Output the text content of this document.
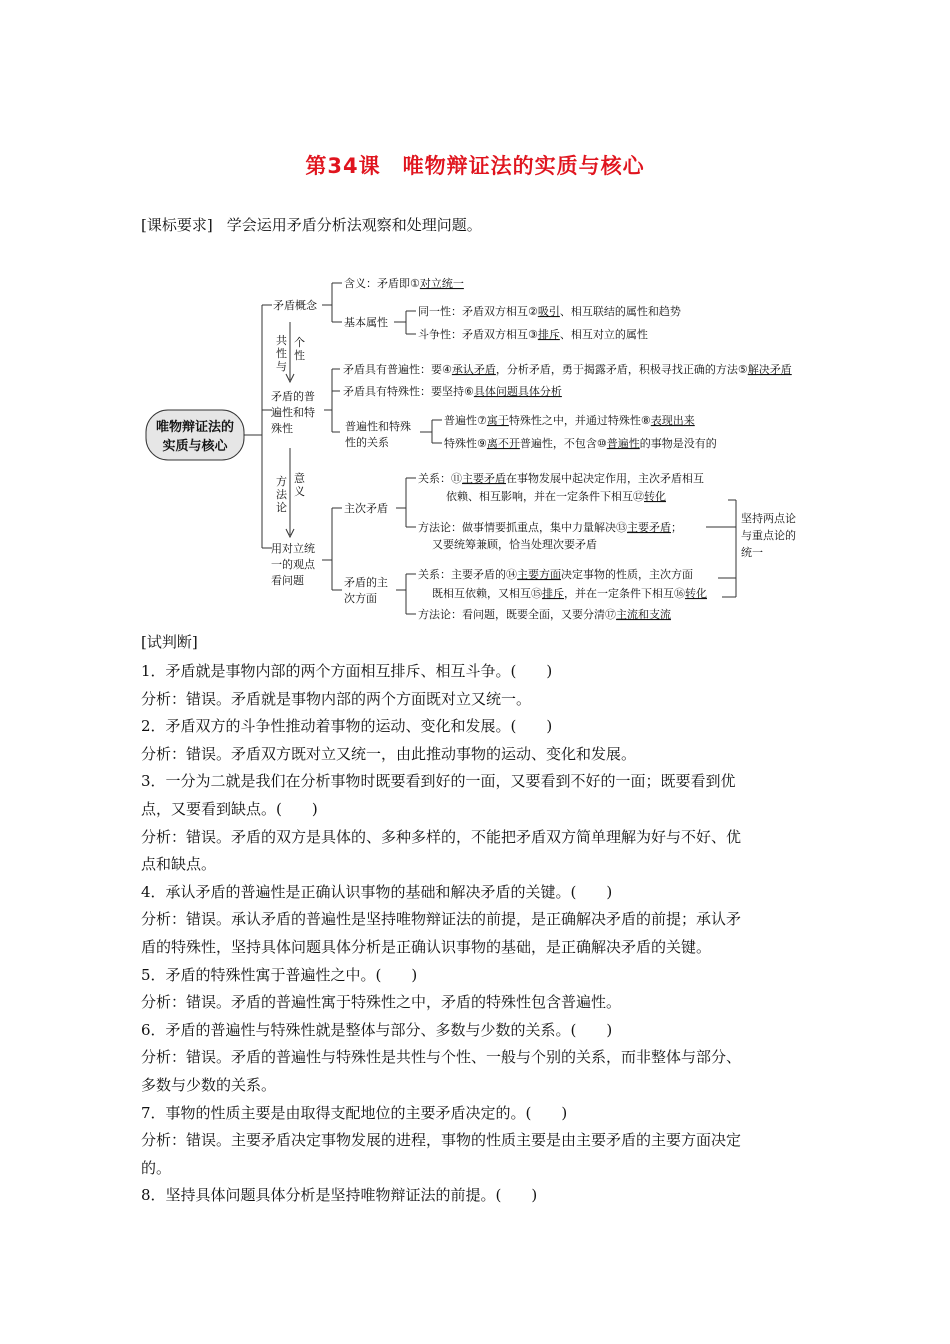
第34课　唯物辩证法的实质与核心
[课标要求] 学会运用矛盾分析法观察和处理问题。
唯物辩证法的
实质与核心
矛盾概念
含义：矛盾即①对立统一
基本属性
同一性：矛盾双方相互②吸引、相互联结的属性和趋势
斗争性：矛盾双方相互③排斥、相互对立的属性
共
性
与
个
性
矛盾的普
遍性和特
殊性
矛盾具有普遍性：要④承认矛盾，分析矛盾，勇于揭露矛盾，积极寻找正确的方法⑤解决矛盾
矛盾具有特殊性：要坚持⑥具体问题具体分析
普遍性和特殊
性的关系
普遍性⑦寓于特殊性之中，并通过特殊性⑧表现出来
特殊性⑨离不开普遍性，不包含⑩普遍性的事物是没有的
方
法
论
意
义
用对立统
一的观点
看问题
主次矛盾
关系：⑪主要矛盾在事物发展中起决定作用，主次矛盾相互
依赖、相互影响，并在一定条件下相互⑫转化
方法论：做事情要抓重点，集中力量解决⑬主要矛盾；
又要统筹兼顾，恰当处理次要矛盾
矛盾的主
次方面
关系：主要矛盾的⑭主要方面决定事物的性质，主次方面
既相互依赖，又相互⑮排斥，并在一定条件下相互⑯转化
方法论：看问题，既要全面，又要分清⑰主流和支流
坚持两点论
与重点论的
统一
[试判断]
1．矛盾就是事物内部的两个方面相互排斥、相互斗争。(　　)
分析：错误。矛盾就是事物内部的两个方面既对立又统一。
2．矛盾双方的斗争性推动着事物的运动、变化和发展。(　　)
分析：错误。矛盾双方既对立又统一，由此推动事物的运动、变化和发展。
3．一分为二就是我们在分析事物时既要看到好的一面，又要看到不好的一面；既要看到优
点，又要看到缺点。(　　)
分析：错误。矛盾的双方是具体的、多种多样的，不能把矛盾双方简单理解为好与不好、优
点和缺点。
4．承认矛盾的普遍性是正确认识事物的基础和解决矛盾的关键。(　　)
分析：错误。承认矛盾的普遍性是坚持唯物辩证法的前提，是正确解决矛盾的前提；承认矛
盾的特殊性，坚持具体问题具体分析是正确认识事物的基础，是正确解决矛盾的关键。
5．矛盾的特殊性寓于普遍性之中。(　　)
分析：错误。矛盾的普遍性寓于特殊性之中，矛盾的特殊性包含普遍性。
6．矛盾的普遍性与特殊性就是整体与部分、多数与少数的关系。(　　)
分析：错误。矛盾的普遍性与特殊性是共性与个性、一般与个别的关系，而非整体与部分、
多数与少数的关系。
7．事物的性质主要是由取得支配地位的主要矛盾决定的。(　　)
分析：错误。主要矛盾决定事物发展的进程，事物的性质主要是由主要矛盾的主要方面决定
的。
8．坚持具体问题具体分析是坚持唯物辩证法的前提。(　　)
